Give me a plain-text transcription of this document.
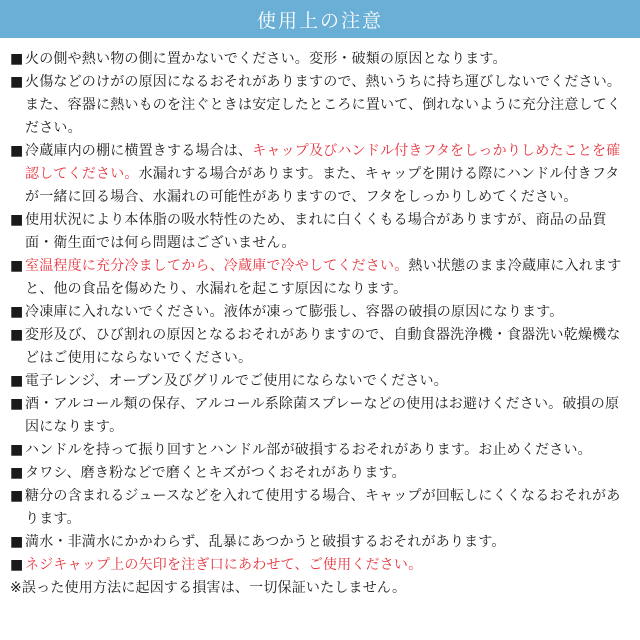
使用上の注意
■ 火の側や熱い物の側に置かないでください。変形・破類の原因となります。
■ 火傷などのけがの原因になるおそれがありますので、熱いうちに持ち運びしないでください。また、容器に熱いものを注ぐときは安定したところに置いて、倒れないように充分注意してください。
■ 冷蔵庫内の棚に横置きする場合は、キャップ及びハンドル付きフタをしっかりしめたことを確認してください。水漏れする場合があります。また、キャップを開ける際にハンドル付きフタが一緒に回る場合、水漏れの可能性がありますので、フタをしっかりしめてください。
■ 使用状況により本体脂の吸水特性のため、まれに白くくもる場合がありますが、商品の品質面・衛生面では何ら問題はございません。
■ 室温程度に充分冷ましてから、冷蔵庫で冷やしてください。熱い状態のまま冷蔵庫に入れますと、他の食品を傷めたり、水漏れを起こす原因になります。
■ 冷凍庫に入れないでください。液体が凍って膨張し、容器の破損の原因になります。
■ 変形及び、ひび割れの原因となるおそれがありますので、自動食器洗浄機・食器洗い乾燥機などはご使用にならないでください。
■ 電子レンジ、オーブン及びグリルでご使用にならないでください。
■ 酒・アルコール類の保存、アルコール系除菌スプレーなどの使用はお避けください。破損の原因になります。
■ ハンドルを持って振り回すとハンドル部が破損するおそれがあります。お止めください。
■ タワシ、磨き粉などで磨くとキズがつくおそれがあります。
■ 糖分の含まれるジュースなどを入れて使用する場合、キャップが回転しにくくなるおそれがあります。
■ 満水・非満水にかかわらず、乱暴にあつかうと破損するおそれがあります。
■ ネジキャップ上の矢印を注ぎ口にあわせて、ご使用ください。
※誤った使用方法に起因する損害は、一切保証いたしません。
